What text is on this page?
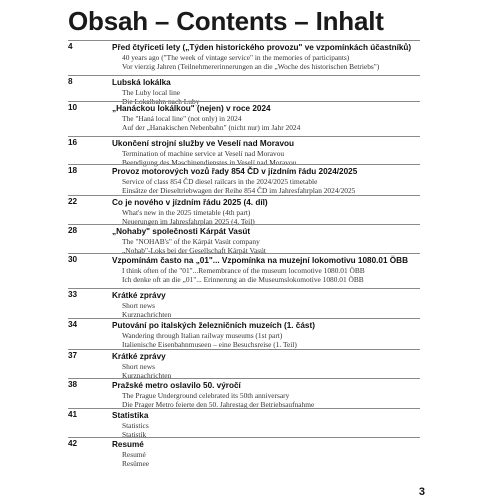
Obsah – Contents – Inhalt
4	Před čtyřiceti lety („Týden historického provozu" ve vzpomínkách účastníků)
40 years ago ("The week of vintage service" in the memories of participants)
Vor vierzig Jahren (Teilnehmererinnerungen an die „Woche des historischen Betriebs")
8	Lubská lokálka
The Luby local line
Die Lokalbahn nach Luby
10	„Hanáckou lokálkou" (nejen) v roce 2024
The "Haná local line" (not only) in 2024
Auf der „Hanakischen Nebenbahn" (nicht nur) im Jahr 2024
16	Ukončení strojní služby ve Veselí nad Moravou
Termination of machine service at Veselí nad Moravou
Beendigung des Maschinendienstes in Veselí nad Moravou
18	Provoz motorových vozů řady 854 ČD v jízdním řádu 2024/2025
Service of class 854 ČD diesel railcars in the 2024/2025 timetable
Einsätze der Dieseltriebwagen der Reihe 854 ČD im Jahresfahrplan 2024/2025
22	Co je nového v jízdním řádu 2025 (4. díl)
What's new in the 2025 timetable (4th part)
Neuerungen im Jahresfahrplan 2025 (4. Teil)
28	„Nohaby" společnosti Kárpát Vasút
The "NOHAB's" of the Kárpát Vasút company
„Nohab"-Loks bei der Gesellschaft Kárpát Vasút
30	Vzpomínám často na „01"... Vzpomínka na muzejní lokomotivu 1080.01 ÖBB
I think often of the "01"...Remembrance of the museum locomotive 1080.01 ÖBB
Ich denke oft an die „01"... Erinnerung an die Museumslokomotive 1080.01 ÖBB
33	Krátké zprávy
Short news
Kurznachrichten
34	Putování po italských železničních muzeích (1. část)
Wandering through Italian railway museums (1st part)
Italienische Eisenbahnmuseen – eine Besuchsreise (1. Teil)
37	Krátké zprávy
Short news
Kurznachrichten
38	Pražské metro oslavilo 50. výročí
The Prague Underground celebrated its 50th anniversary
Die Prager Metro feierte den 50. Jahrestag der Betriebsaufnahme
41	Statistika
Statistics
Statistik
42	Resumé
Resumé
Resümee
3
